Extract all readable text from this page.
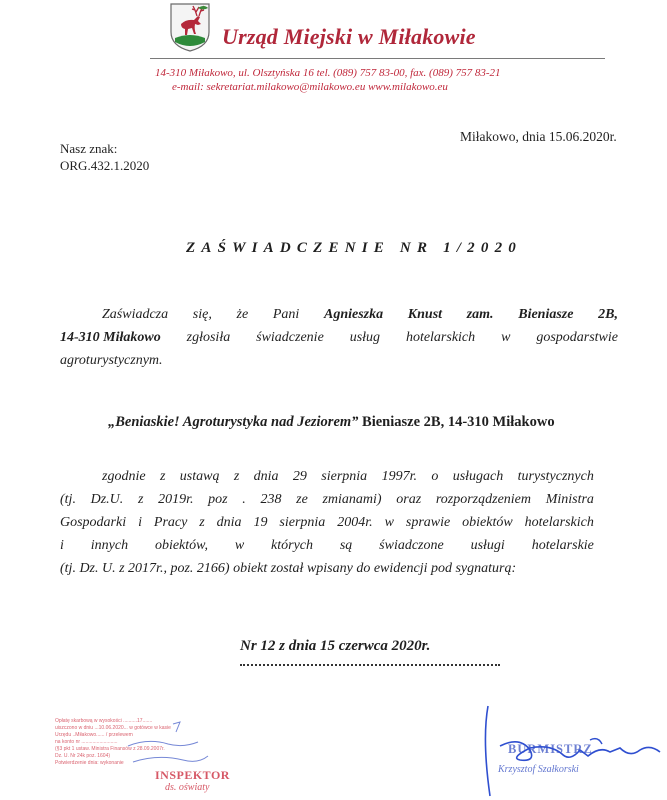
Urząd Miejski w Miłakowie
14-310 Miłakowo, ul. Olsztyńska 16 tel. (089) 757 83-00, fax. (089) 757 83-21
e-mail: sekretariat.milakowo@milakowo.eu www.milakowo.eu
Miłakowo, dnia 15.06.2020r.
Nasz znak:
ORG.432.1.2020
ZAŚWIADCZENIE NR 1/2020
Zaświadcza się, że Pani Agnieszka Knust zam. Bieniasze 2B,
14-310 Miłakowo zgłosiła świadczenie usług hotelarskich w gospodarstwie
agroturystycznym.
„Beniaskie! Agroturystyka nad Jeziorem” Bieniasze 2B, 14-310 Miłakowo
zgodnie z ustawą z dnia 29 sierpnia 1997r. o usługach turystycznych
(tj. Dz.U. z 2019r. poz . 238 ze zmianami) oraz rozporządzeniem Ministra
Gospodarki i Pracy z dnia 19 sierpnia 2004r. w sprawie obiektów hotelarskich
i innych obiektów, w których są świadczone usługi hotelarskie
(tj. Dz. U. z 2017r., poz. 2166) obiekt został wpisany do ewidencji pod sygnaturą:
Nr 12 z dnia 15 czerwca 2020r.
Opłatę skarbową w wysokości ..........17.......
uiszczono w dniu ...10.06.2020... w gotówce w kasie
Urzędu ..Miłakowo...... / przelewem
na konto nr ..........................
(§3 pkt 1 ustaw. Ministra Finansów z 28.09.2007r.
Dz. U. Nr 24k poz. 1604)
Potwierdzenie dnia: wykonanie
INSPEKTOR
ds. oświaty
BURMISTRZ
Krzysztof Szałkorski
